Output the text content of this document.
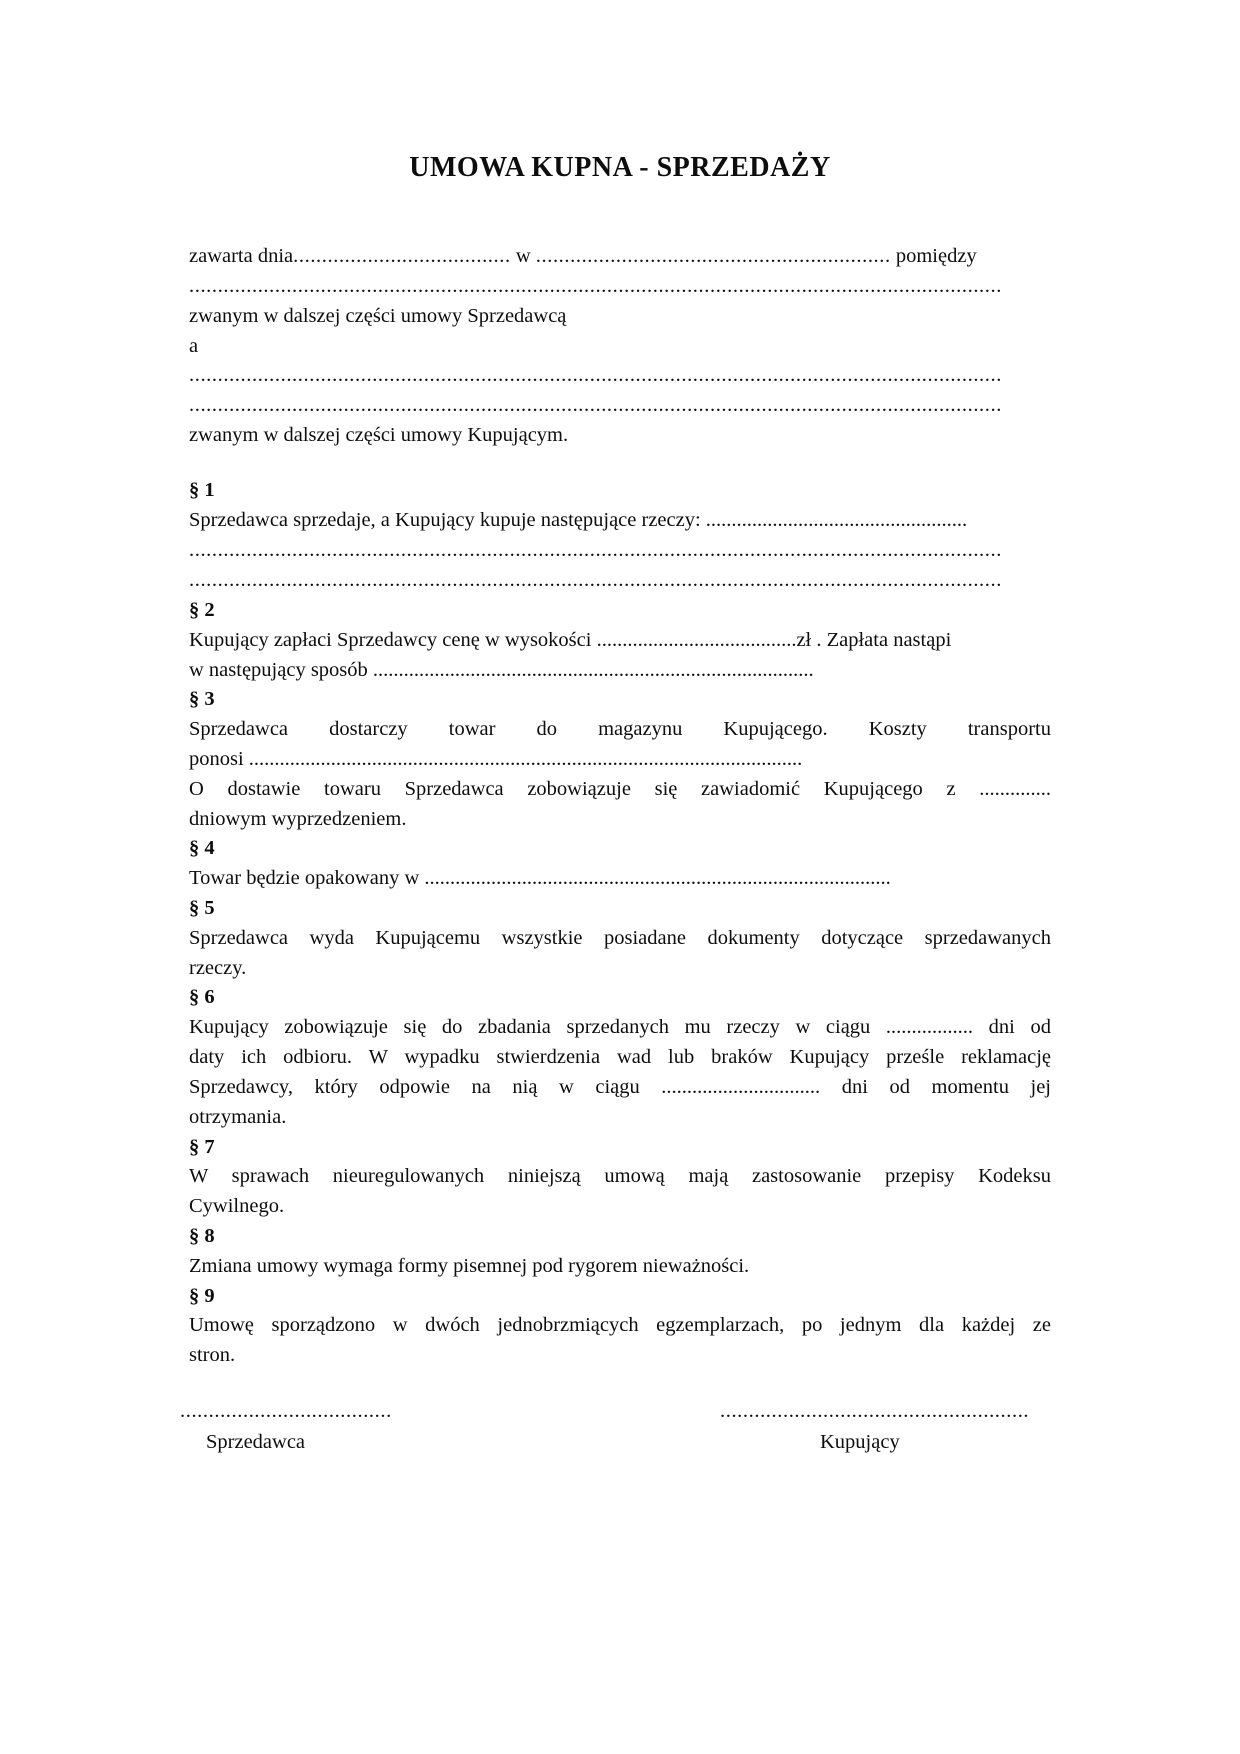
UMOWA KUPNA - SPRZEDAŻY
zawarta dnia...................................... w .............................................................. pomiędzy
..............................................................................................................................................
zwanym w dalszej części umowy Sprzedawcą
a
..............................................................................................................................................
..............................................................................................................................................
zwanym w dalszej części umowy Kupującym.
§ 1
Sprzedawca sprzedaje, a Kupujący kupuje następujące rzeczy: ...................................................
..............................................................................................................................................
..............................................................................................................................................
§ 2
Kupujący zapłaci Sprzedawcy cenę w wysokości .......................................zł . Zapłata nastąpi
w następujący sposób ......................................................................................
§ 3
Sprzedawca dostarczy towar do magazynu Kupującego. Koszty transportu
ponosi ............................................................................................................
O dostawie towaru Sprzedawca zobowiązuje się zawiadomić Kupującego z ..............
dniowym wyprzedzeniem.
§ 4
Towar będzie opakowany w ...........................................................................................
§ 5
Sprzedawca wyda Kupującemu wszystkie posiadane dokumenty dotyczące sprzedawanych
rzeczy.
§ 6
Kupujący zobowiązuje się do zbadania sprzedanych mu rzeczy w ciągu ................. dni od
daty ich odbioru. W wypadku stwierdzenia wad lub braków Kupujący prześle reklamację
Sprzedawcy, który odpowie na nią w ciągu ............................... dni od momentu jej
otrzymania.
§ 7
W sprawach nieuregulowanych niniejszą umową mają zastosowanie przepisy Kodeksu
Cywilnego.
§ 8
Zmiana umowy wymaga formy pisemnej pod rygorem nieważności.
§ 9
Umowę sporządzono w dwóch jednobrzmiących egzemplarzach, po jednym dla każdej ze
stron.
.....................................
Sprzedawca
......................................................
Kupujący
